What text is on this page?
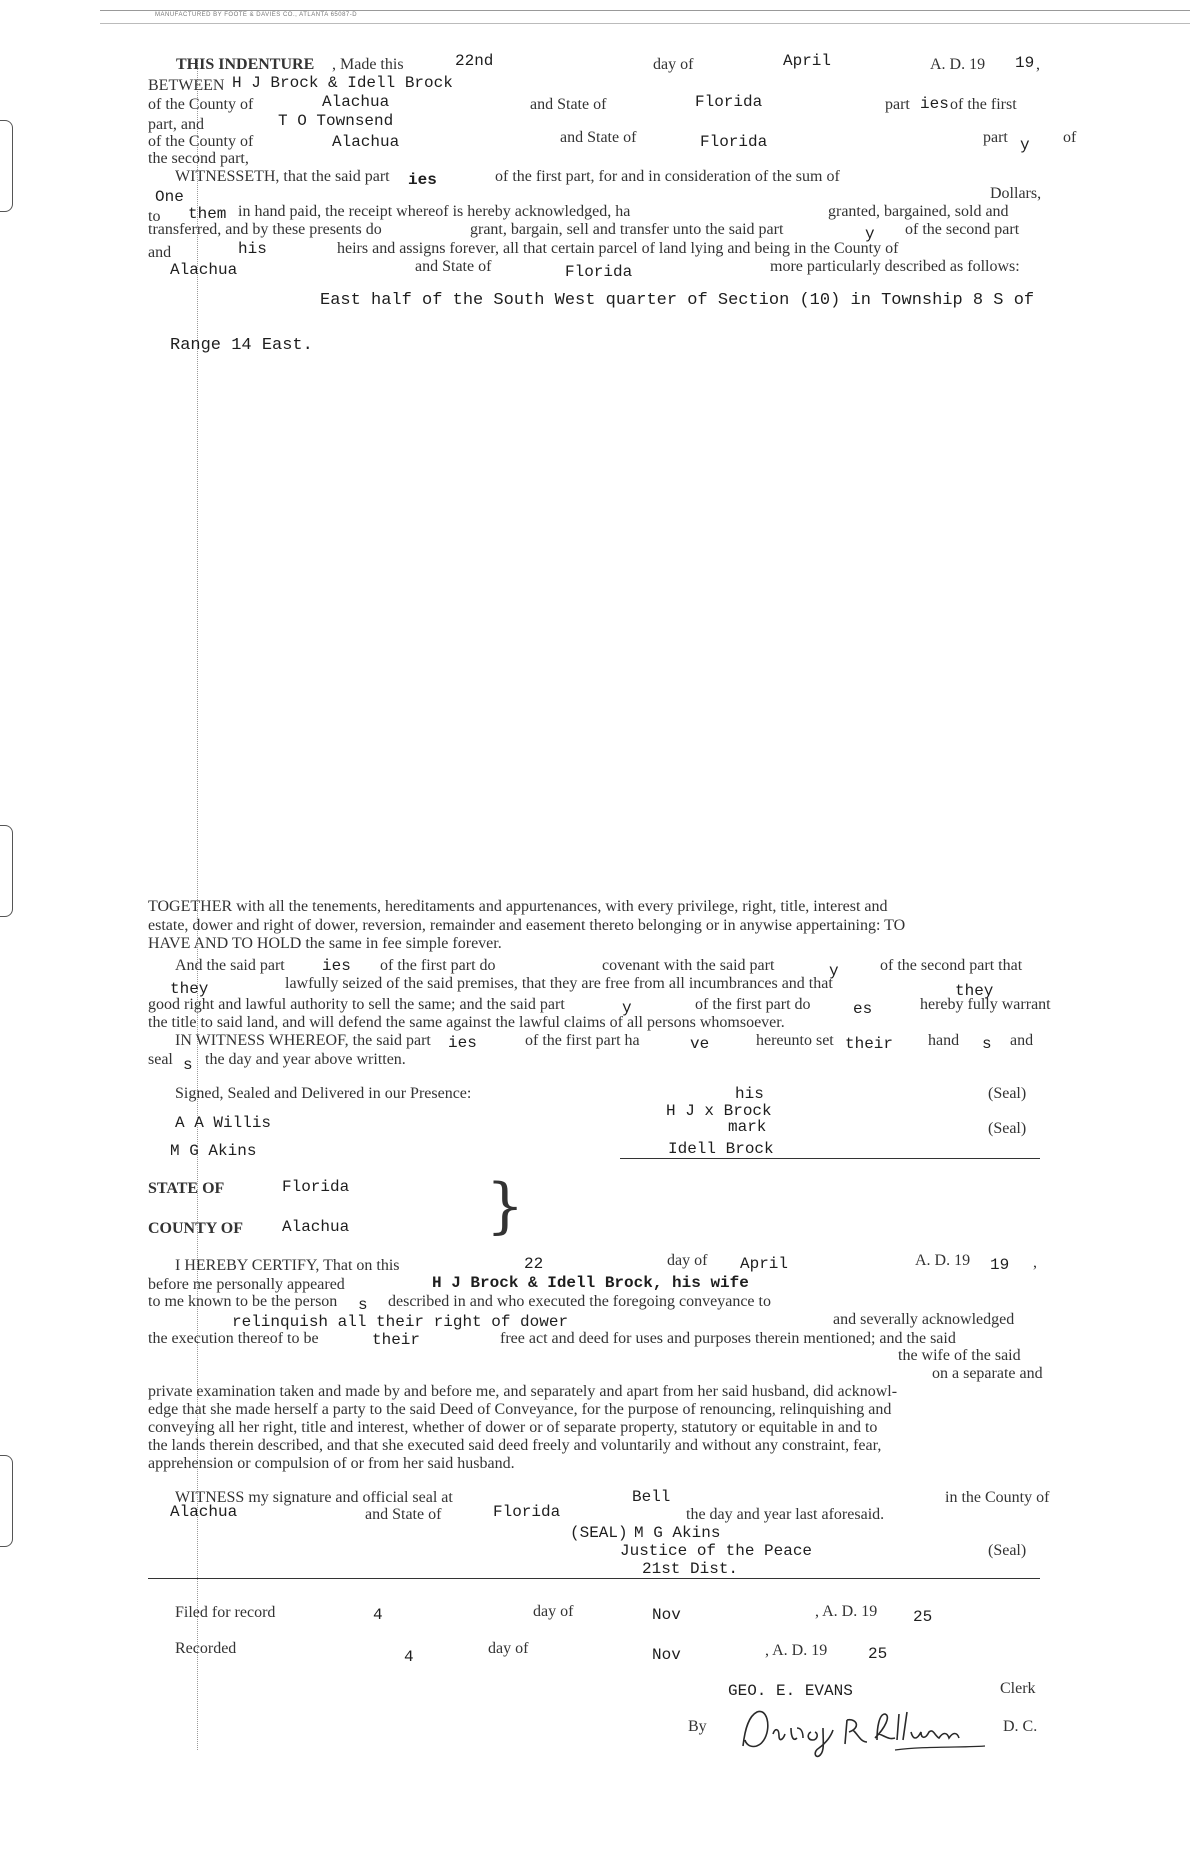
MANUFACTURED BY FOOTE & DAVIES CO., ATLANTA 65087-D
THIS INDENTURE , Made this	22nd	day of	April	A. D. 19 19 ,
BETWEEN H J Brock & Idell Brock
of the County of	Alachua	and State of	Florida	part ies of the first
part, and	T O Townsend
of the County of	Alachua	and State of	Florida	part y of
the second part,
WITNESSETH, that the said part ies	of the first part, for and in consideration of the sum of
One	Dollars,
to them in hand paid, the receipt whereof is hereby acknowledged, ha	granted, bargained, sold and
transferred, and by these presents do	grant, bargain, sell and transfer unto the said part	y of the second part
and	his	heirs and assigns forever, all that certain parcel of land lying and being in the County of
Alachua	and State of	Florida	more particularly described as follows:
East half of the South West quarter of Section (10) in Township 8 S of
Range 14 East.
TOGETHER with all the tenements, hereditaments and appurtenances, with every privilege, right, title, interest and
estate, dower and right of dower, reversion, remainder and easement thereto belonging or in anywise appertaining: TO
HAVE AND TO HOLD the same in fee simple forever.
And the said part ies of the first part do	covenant with the said part	y	of the second part that
they	lawfully seized of the said premises, that they are free from all incumbrances and that	they
good right and lawful authority to sell the same; and the said part	y	of the first part do	es	hereby fully warrant
the title to said land, and will defend the same against the lawful claims of all persons whomsoever.
IN WITNESS WHEREOF, the said part ies	of the first part ha	ve	hereunto set their hand s and
seal s the day and year above written.
Signed, Sealed and Delivered in our Presence:	his	(Seal)
H J x Brock
A A Willis	mark	(Seal)
M G Akins	Idell Brock
STATE OF	Florida
COUNTY OF Alachua }
I HEREBY CERTIFY, That on this	22	day of April	A. D. 19 19 ,
before me personally appeared	H J Brock & Idell Brock, his wife
to me known to be the person s described in and who executed the foregoing conveyance to
relinquish all their right of dower	and severally acknowledged
the execution thereof to be	their	free act and deed for uses and purposes therein mentioned; and the said
the wife of the said
on a separate and
private examination taken and made by and before me, and separately and apart from her said husband, did acknowl-
edge that she made herself a party to the said Deed of Conveyance, for the purpose of renouncing, relinquishing and
conveying all her right, title and interest, whether of dower or of separate property, statutory or equitable in and to
the lands therein described, and that she executed said deed freely and voluntarily and without any constraint, fear,
apprehension or compulsion of or from her said husband.
WITNESS my signature and official seal at	Bell	in the County of
Alachua	and State of	Florida	the day and year last aforesaid.
(SEAL) M G Akins
Justice of the Peace	(Seal)
21st Dist.
Filed for record	4	day of	Nov	, A. D. 19 25
Recorded	4	day of	Nov	, A. D. 19	25
GEO. E. EVANS	Clerk
By	D. C.
